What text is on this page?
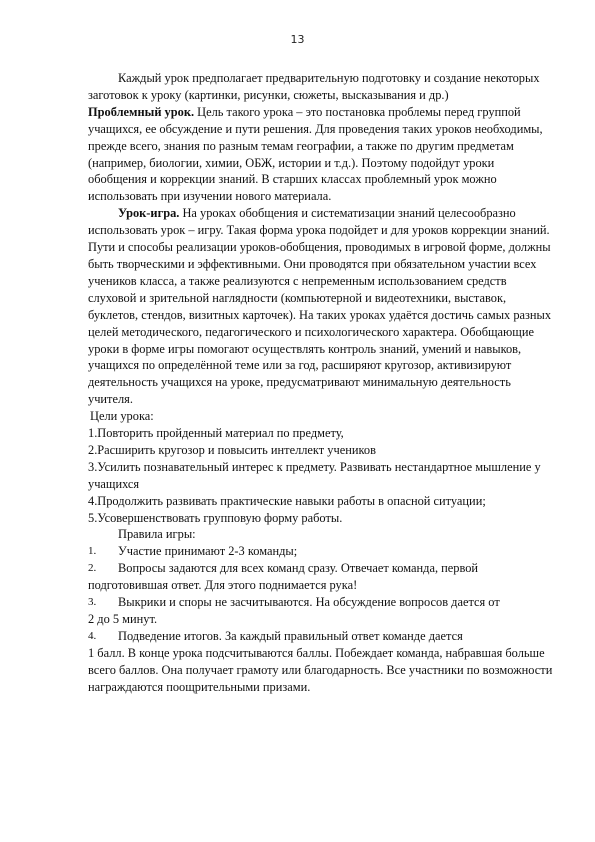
13

Каждый урок предполагает предварительную подготовку и создание некоторых заготовок к уроку (картинки, рисунки, сюжеты, высказывания и др.)

Проблемный урок. Цель такого урока – это постановка проблемы перед группой учащихся, ее обсуждение и пути решения. Для проведения таких уроков необходимы, прежде всего, знания по разным темам географии, а также по другим предметам (например, биологии, химии, ОБЖ, истории и т.д.). Поэтому подойдут уроки обобщения и коррекции знаний. В старших классах проблемный урок можно использовать при изучении нового материала.

Урок-игра. На уроках обобщения и систематизации знаний целесообразно использовать урок – игру. Такая форма урока подойдет и для уроков коррекции знаний. Пути и способы реализации уроков-обобщения, проводимых в игровой форме, должны быть творческими и эффективными. Они проводятся при обязательном участии всех учеников класса, а также реализуются с непременным использованием средств слуховой и зрительной наглядности (компьютерной и видеотехники, выставок, буклетов, стендов, визитных карточек). На таких уроках удаётся достичь самых разных целей методического, педагогического и психологического характера. Обобщающие уроки в форме игры помогают осуществлять контроль знаний, умений и навыков, учащихся по определённой теме или за год, расширяют кругозор, активизируют деятельность учащихся на уроке, предусматривают минимальную деятельность учителя.

Цели урока:

1.Повторить пройденный материал по предмету,

2.Расширить кругозор и повысить интеллект учеников

3.Усилить познавательный интерес к предмету. Развивать нестандартное мышление у учащихся

4.Продолжить развивать практические навыки работы в опасной ситуации;

5.Усовершенствовать групповую форму работы.

Правила игры:

1.	Участие принимают 2-3 команды;
2.	Вопросы задаются для всех команд сразу. Отвечает команда, первой

подготовившая ответ. Для этого поднимается рука!

3.	Выкрики и споры не засчитываются. На обсуждение вопросов дается от

2 до 5 минут.

4.	Подведение итогов. За каждый правильный ответ команде дается

1 балл. В конце урока подсчитываются баллы. Побеждает команда, набравшая больше всего баллов. Она получает грамоту или благодарность. Все участники по возможности награждаются поощрительными призами.
